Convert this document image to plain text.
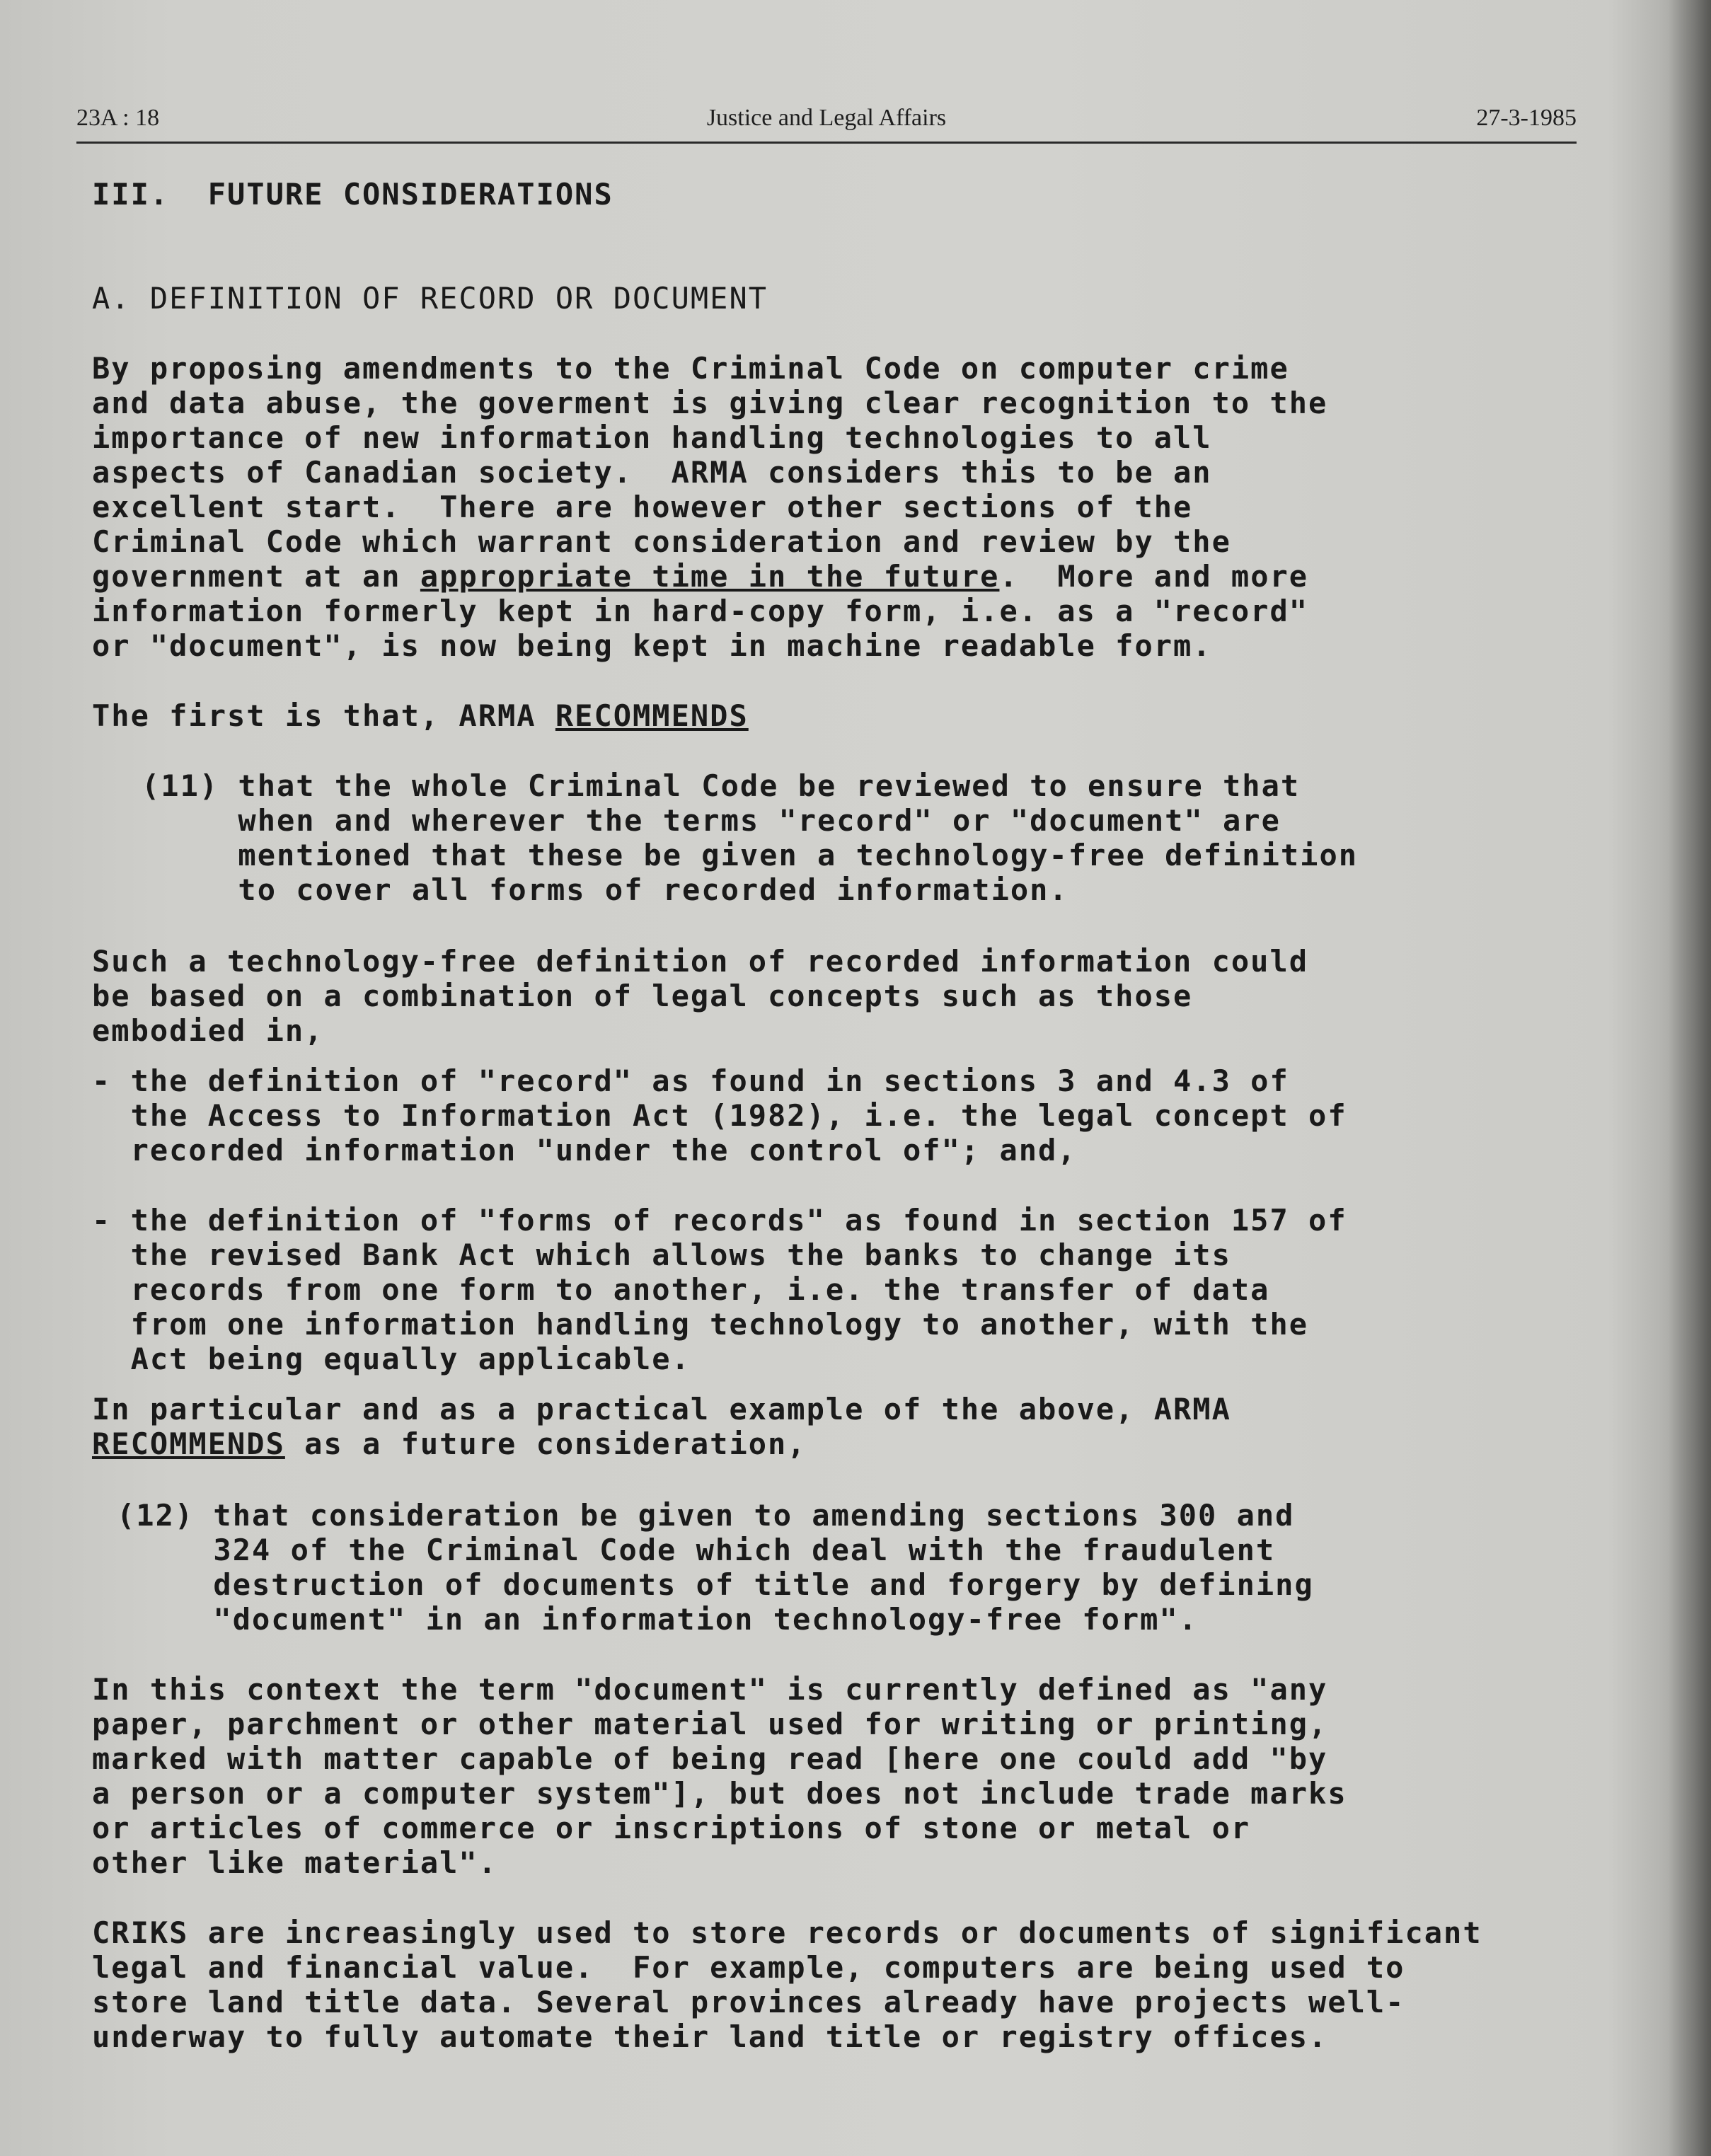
23A : 18	Justice and Legal Affairs	27-3-1985

III.  FUTURE CONSIDERATIONS

A. DEFINITION OF RECORD OR DOCUMENT

By proposing amendments to the Criminal Code on computer crime

and data abuse, the goverment is giving clear recognition to the

importance of new information handling technologies to all

aspects of Canadian society.  ARMA considers this to be an

excellent start.  There are however other sections of the

Criminal Code which warrant consideration and review by the

government at an appropriate time in the future.  More and more

information formerly kept in hard-copy form, i.e. as a "record"

or "document", is now being kept in machine readable form.

The first is that, ARMA RECOMMENDS

(11) that the whole Criminal Code be reviewed to ensure that

when and wherever the terms "record" or "document" are

mentioned that these be given a technology-free definition

to cover all forms of recorded information.

Such a technology-free definition of recorded information could

be based on a combination of legal concepts such as those

embodied in,

- the definition of "record" as found in sections 3 and 4.3 of

the Access to Information Act (1982), i.e. the legal concept of

recorded information "under the control of"; and,

- the definition of "forms of records" as found in section 157 of

the revised Bank Act which allows the banks to change its

records from one form to another, i.e. the transfer of data

from one information handling technology to another, with the

Act being equally applicable.

In particular and as a practical example of the above, ARMA

RECOMMENDS as a future consideration,

(12) that consideration be given to amending sections 300 and

324 of the Criminal Code which deal with the fraudulent

destruction of documents of title and forgery by defining

"document" in an information technology-free form".

In this context the term "document" is currently defined as "any

paper, parchment or other material used for writing or printing,

marked with matter capable of being read [here one could add "by

a person or a computer system"], but does not include trade marks

or articles of commerce or inscriptions of stone or metal or

other like material".

CRIKS are increasingly used to store records or documents of significant

legal and financial value.  For example, computers are being used to

store land title data. Several provinces already have projects well-

underway to fully automate their land title or registry offices.
